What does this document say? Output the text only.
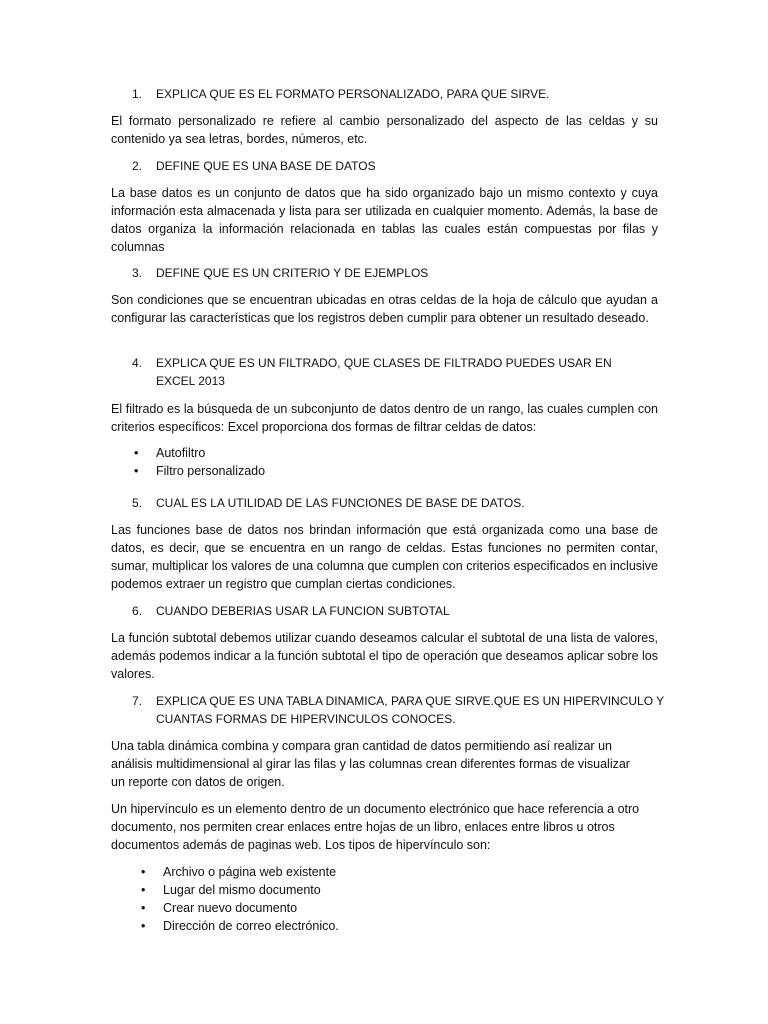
1.	EXPLICA QUE ES EL FORMATO PERSONALIZADO, PARA QUE SIRVE.
El formato personalizado re refiere al cambio personalizado del aspecto de las celdas y su contenido ya sea letras, bordes, números, etc.
2.	DEFINE QUE ES UNA BASE DE DATOS
La base datos es un conjunto de datos que ha sido organizado bajo un mismo contexto y cuya información esta almacenada y lista para ser utilizada en cualquier momento. Además, la base de datos organiza la información relacionada en tablas las cuales están compuestas por filas y columnas
3.	DEFINE QUE ES UN CRITERIO Y DE EJEMPLOS
Son condiciones que se encuentran ubicadas en otras celdas de la hoja de cálculo que ayudan a configurar las características que los registros deben cumplir para obtener un resultado deseado.
4.	EXPLICA QUE ES UN FILTRADO, QUE CLASES DE FILTRADO PUEDES USAR EN EXCEL 2013
El filtrado es la búsqueda de un subconjunto de datos dentro de un rango, las cuales cumplen con criterios específicos: Excel proporciona dos formas de filtrar celdas de datos:
• Autofiltro
• Filtro personalizado
5.	CUAL ES LA UTILIDAD DE LAS FUNCIONES DE BASE DE DATOS.
Las funciones base de datos nos brindan información que está organizada como una base de datos, es decir, que se encuentra en un rango de celdas. Estas funciones no permiten contar, sumar, multiplicar los valores de una columna que cumplen con criterios especificados en inclusive podemos extraer un registro que cumplan ciertas condiciones.
6.	CUANDO DEBERIAS USAR LA FUNCION SUBTOTAL
La función subtotal debemos utilizar cuando deseamos calcular el subtotal de una lista de valores, además podemos indicar a la función subtotal el tipo de operación que deseamos aplicar sobre los valores.
7.	EXPLICA QUE ES UNA TABLA DINAMICA, PARA QUE SIRVE.QUE ES UN HIPERVINCULO Y CUANTAS FORMAS DE HIPERVINCULOS CONOCES.
Una tabla dinámica combina y compara gran cantidad de datos permitiendo así realizar un análisis multidimensional al girar las filas y las columnas crean diferentes formas de visualizar un reporte con datos de origen.
Un hipervínculo es un elemento dentro de un documento electrónico que hace referencia a otro documento, nos permiten crear enlaces entre hojas de un libro, enlaces entre libros u otros documentos además de paginas web. Los tipos de hipervínculo son:
• Archivo o página web existente
• Lugar del mismo documento
• Crear nuevo documento
• Dirección de correo electrónico.
